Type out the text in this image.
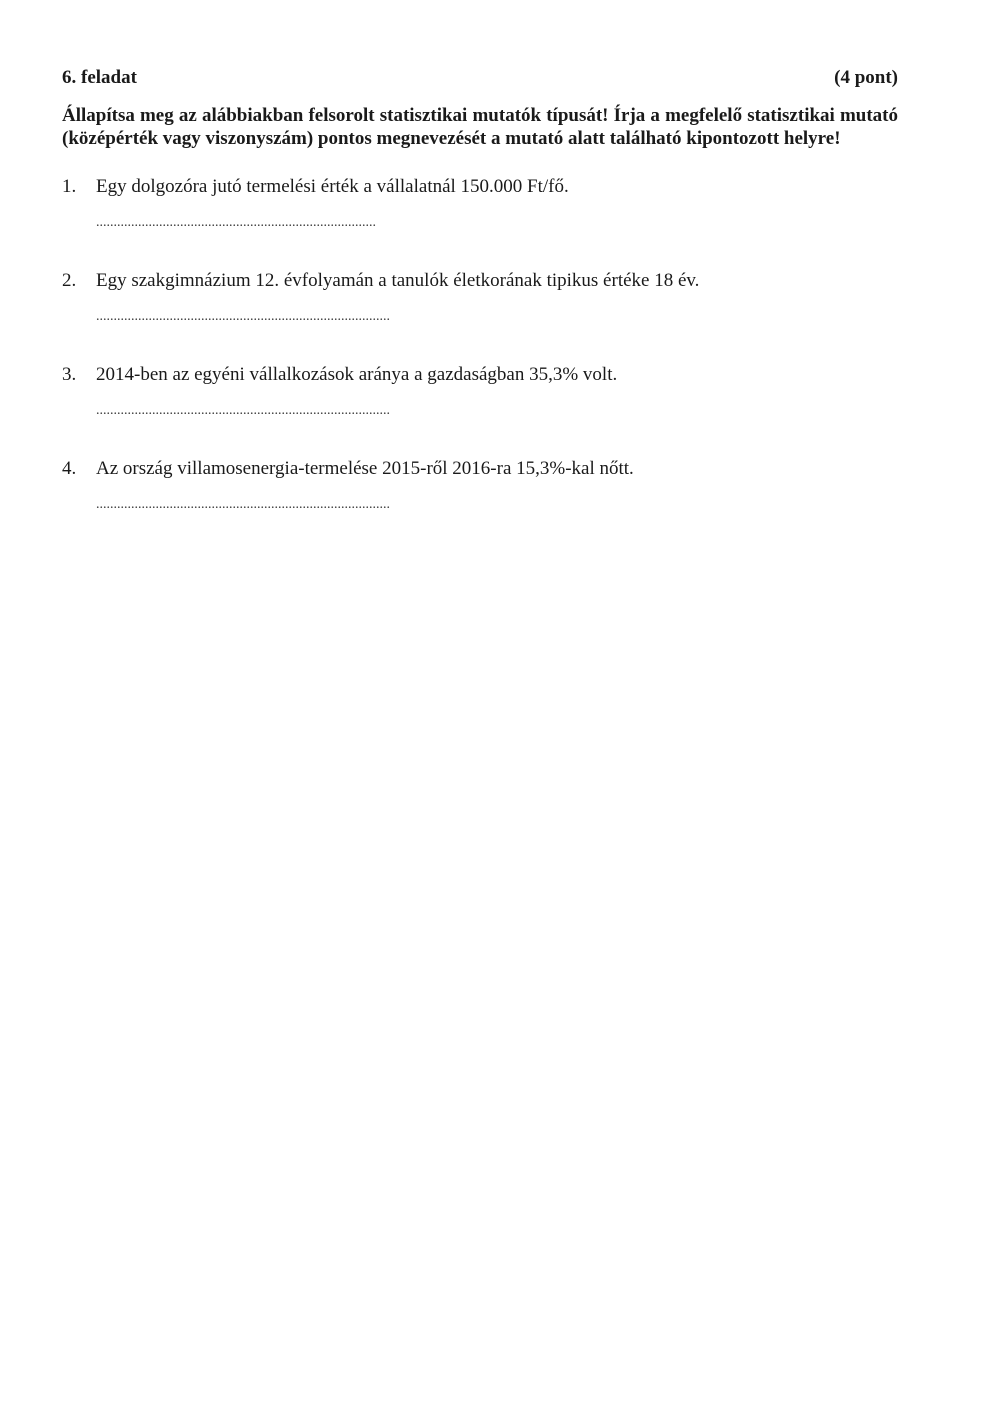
6. feladat	(4 pont)
Állapítsa meg az alábbiakban felsorolt statisztikai mutatók típusát! Írja a megfelelő statisztikai mutató (középérték vagy viszonyszám) pontos megnevezését a mutató alatt található kipontozott helyre!
1.	Egy dolgozóra jutó termelési érték a vállalatnál 150.000 Ft/fő.
................................................................................
2.	Egy szakgimnázium 12. évfolyamán a tanulók életkorának tipikus értéke 18 év.
....................................................................................
3.	2014-ben az egyéni vállalkozások aránya a gazdaságban 35,3% volt.
....................................................................................
4.	Az ország villamosenergia-termelése 2015-ről 2016-ra 15,3%-kal nőtt.
....................................................................................
